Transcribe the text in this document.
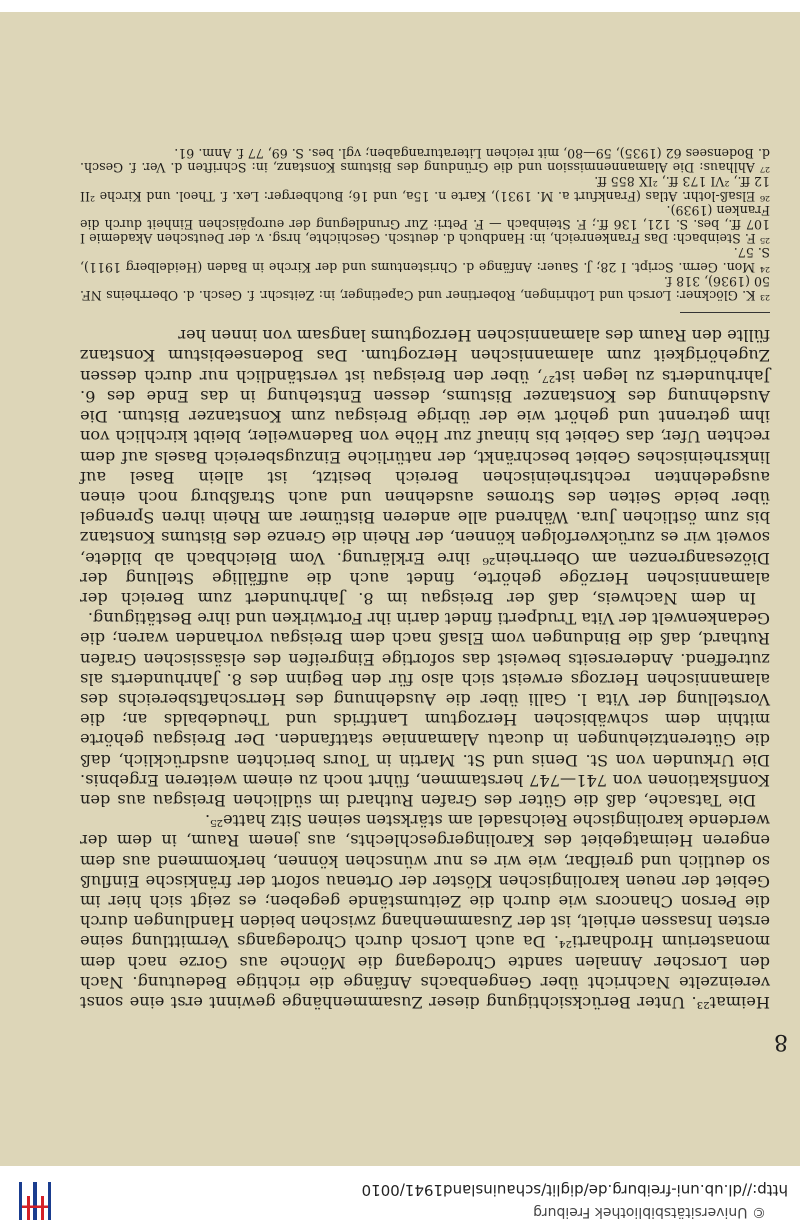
© Universitätsbibliothek Freiburg
http://dl.ub.uni-freiburg.de/diglit/schauinsland1941/0010
8

Heimat²³. Unter Berücksichtigung dieser Zusammenhänge gewinnt erst eine sonst vereinzelte Nachricht über Gengenbachs Anfänge die richtige Bedeutung. Nach den Lorscher Annalen sandte Chrodegang die Mönche aus Gorze nach dem monasterium Hrodharti²⁴. Da auch Lorsch durch Chrodegangs Vermittlung seine ersten Insassen erhielt, ist der Zusammenhang zwischen beiden Handlungen durch die Person Chancors wie durch die Zeitumstände gegeben; es zeigt sich hier im Gebiet der neuen karolingischen Klöster der Ortenau sofort der fränkische Einfluß so deutlich und greifbar, wie wir es nur wünschen können, herkommend aus dem engeren Heimatgebiet des Karolingergeschlechts, aus jenem Raum, in dem der werdende karolingische Reichsadel am stärksten seinen Sitz hatte²⁵.

Die Tatsache, daß die Güter des Grafen Ruthard im südlichen Breisgau aus den Konfiskationen von 741—747 herstammen, führt noch zu einem weiteren Ergebnis. Die Urkunden von St. Denis und St. Martin in Tours berichten ausdrücklich, daß die Güterentziehungen in ducatu Alamanniae stattfanden. Der Breisgau gehörte mithin dem schwäbischen Herzogtum Lantfrids und Theudebalds an; die Vorstellung der Vita l. Galli über die Ausdehnung des Herrschaftsbereichs des alamannischen Herzogs erweist sich also für den Beginn des 8. Jahrhunderts als zutreffend. Andererseits beweist das sofortige Eingreifen des elsässischen Grafen Ruthard, daß die Bindungen vom Elsaß nach dem Breisgau vorhanden waren; die Gedankenwelt der Vita Trudperti findet darin ihr Fortwirken und ihre Bestätigung.

In dem Nachweis, daß der Breisgau im 8. Jahrhundert zum Bereich der alamannischen Herzöge gehörte, findet auch die auffällige Stellung der Diözesangrenzen am Oberrhein²⁶ ihre Erklärung. Vom Bleichbach ab bildete, soweit wir es zurückverfolgen können, der Rhein die Grenze des Bistums Konstanz bis zum östlichen Jura. Während alle anderen Bistümer am Rhein ihren Sprengel über beide Seiten des Stromes ausdehnen und auch Straßburg noch einen ausgedehnten rechtsrheinischen Bereich besitzt, ist allein Basel auf linksrheinisches Gebiet beschränkt, der natürliche Einzugsbereich Basels auf dem rechten Ufer, das Gebiet bis hinauf zur Höhe von Badenweiler, bleibt kirchlich von ihm getrennt und gehört wie der übrige Breisgau zum Konstanzer Bistum. Die Ausdehnung des Konstanzer Bistums, dessen Entstehung in das Ende des 6. Jahrhunderts zu legen ist²⁷, über den Breisgau ist verständlich nur durch dessen Zugehörigkeit zum alamannischen Herzogtum. Das Bodenseebistum Konstanz füllte den Raum des alamannischen Herzogtums langsam von innen her

²³ K. Glöckner: Lorsch und Lothringen, Robertiner und Capetinger, in: Zeitschr. f. Gesch. d. Oberrheins NF. 50 (1936), 318 f.

²⁴ Mon. Germ. Script. I 28; J. Sauer: Anfänge d. Christentums und der Kirche in Baden (Heidelberg 1911), S. 57.

²⁵ F. Steinbach: Das Frankenreich, in: Handbuch d. deutsch. Geschichte, hrsg. v. der Deutschen Akademie I 107 ff., bes. S. 121, 136 ff.; F. Steinbach — F. Petri: Zur Grundlegung der europäischen Einheit durch die Franken (1939).

²⁶ Elsaß-lothr. Atlas (Frankfurt a. M. 1931), Karte n. 15a, und 16; Buchberger: Lex. f. Theol. und Kirche ²II 12 ff., ²VI 173 ff., ²IX 855 ff.

²⁷ Ahlhaus: Die Alamannenmission und die Gründung des Bistums Konstanz, in: Schriften d. Ver. f. Gesch. d. Bodensees 62 (1935), 59—80, mit reichen Literaturangaben; vgl. bes. S. 69, 77 f. Anm. 61.
